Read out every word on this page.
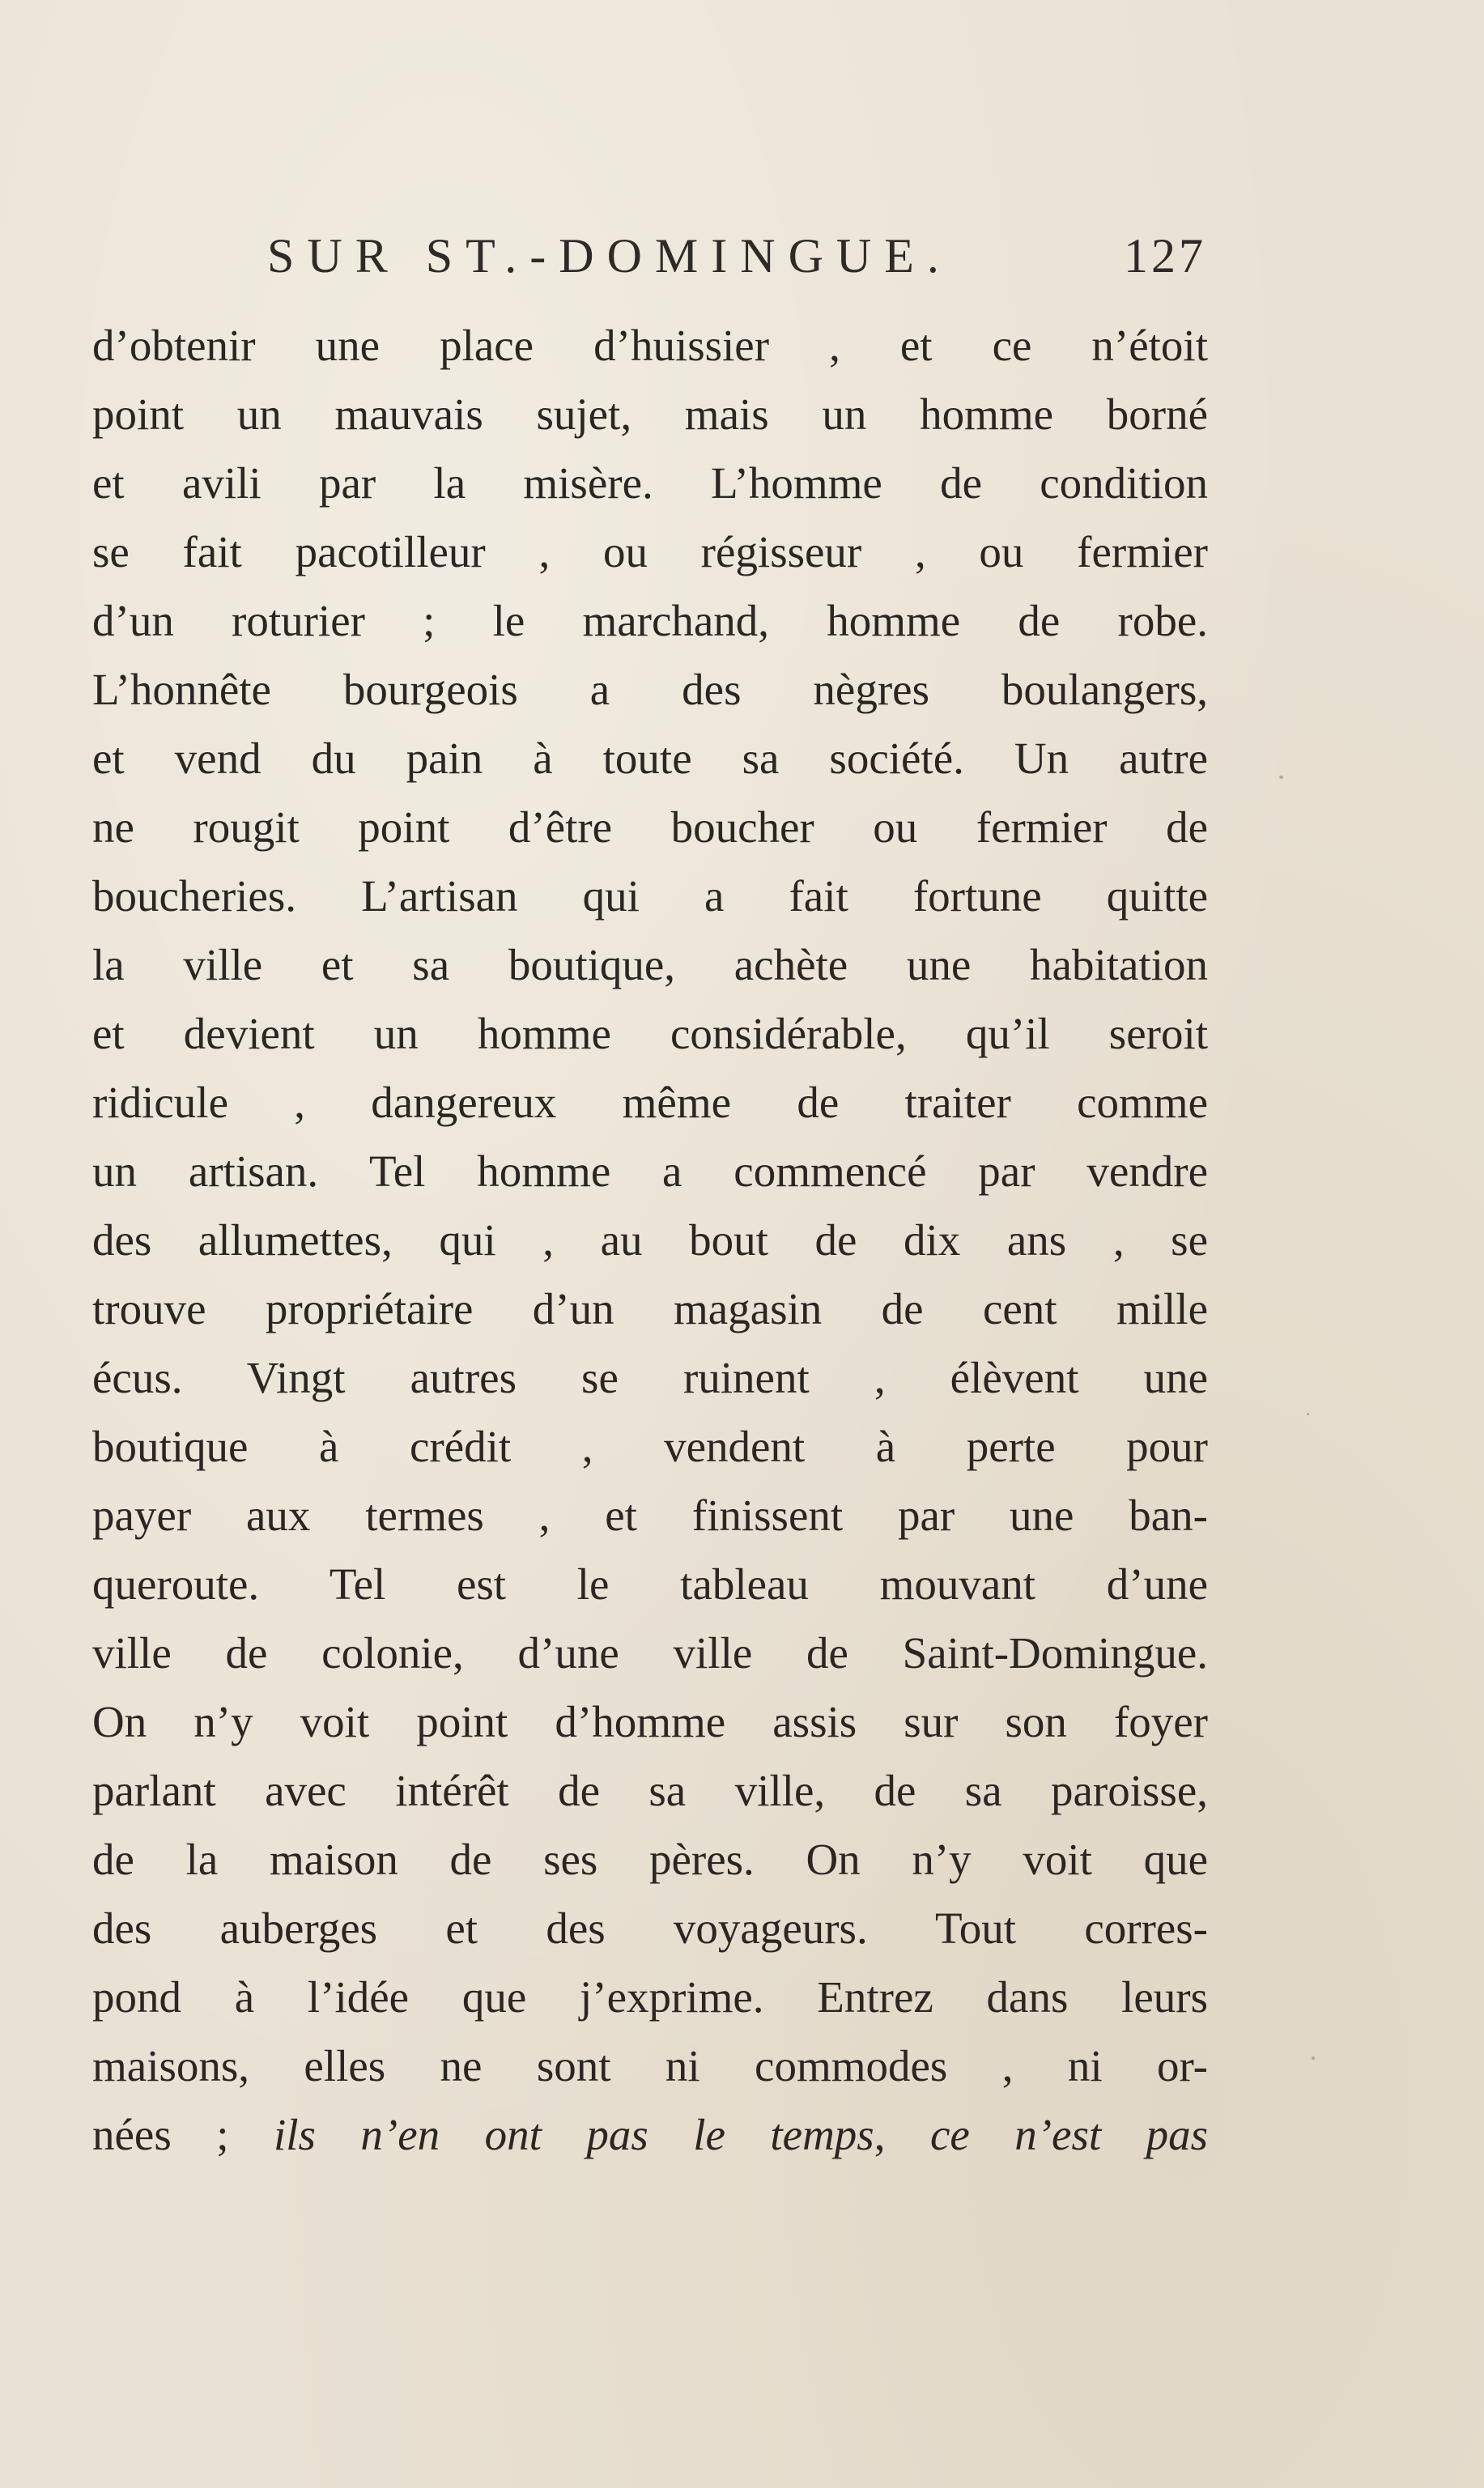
SUR ST.-DOMINGUE.	127
d’obtenir une place d’huissier , et ce n’étoit
point un mauvais sujet, mais un homme borné
et avili par la misère. L’homme de condition
se fait pacotilleur , ou régisseur , ou fermier
d’un roturier ; le marchand, homme de robe.
L’honnête bourgeois a des nègres boulangers,
et vend du pain à toute sa société. Un autre
ne rougit point d’être boucher ou fermier de
boucheries. L’artisan qui a fait fortune quitte
la ville et sa boutique, achète une habitation
et devient un homme considérable, qu’il seroit
ridicule , dangereux même de traiter comme
un artisan. Tel homme a commencé par vendre
des allumettes, qui , au bout de dix ans , se
trouve propriétaire d’un magasin de cent mille
écus. Vingt autres se ruinent , élèvent une
boutique à crédit , vendent à perte pour
payer aux termes , et finissent par une ban-
queroute. Tel est le tableau mouvant d’une
ville de colonie, d’une ville de Saint-Domingue.
On n’y voit point d’homme assis sur son foyer
parlant avec intérêt de sa ville, de sa paroisse,
de la maison de ses pères. On n’y voit que
des auberges et des voyageurs. Tout corres-
pond à l’idée que j’exprime. Entrez dans leurs
maisons, elles ne sont ni commodes , ni or-
nées ; ils n’en ont pas le temps, ce n’est pas
